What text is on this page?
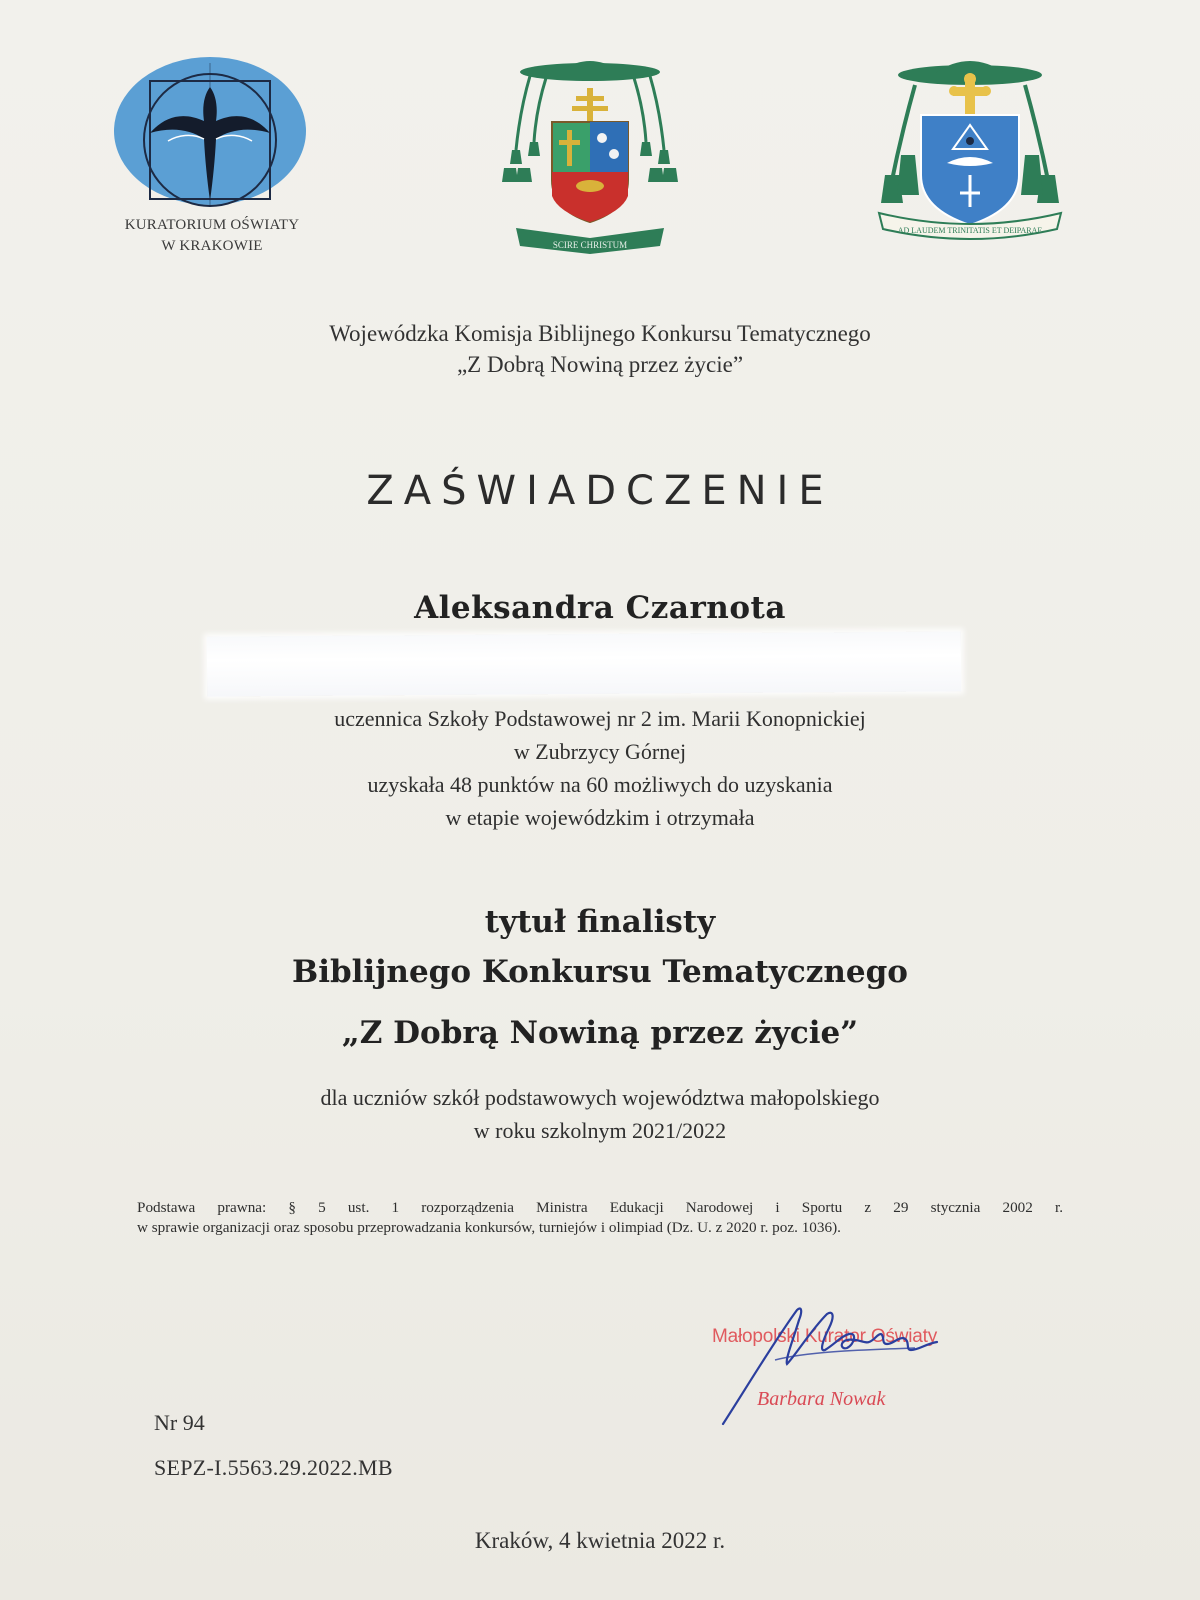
KURATORIUM OŚWIATY
W KRAKOWIE	SCIRE CHRISTUM
AD LAUDEM TRINITATIS ET DEIPARAE
Wojewódzka Komisja Biblijnego Konkursu Tematycznego
„Z Dobrą Nowiną przez życie”
ZAŚWIADCZENIE
Aleksandra Czarnota
uczennica Szkoły Podstawowej nr 2 im. Marii Konopnickiej
w Zubrzycy Górnej
uzyskała 48 punktów na 60 możliwych do uzyskania
w etapie wojewódzkim i otrzymała
tytuł finalisty
Biblijnego Konkursu Tematycznego
„Z Dobrą Nowiną przez życie”
dla uczniów szkół podstawowych województwa małopolskiego
w roku szkolnym 2021/2022
Podstawa prawna: § 5 ust. 1 rozporządzenia Ministra Edukacji Narodowej i Sportu z 29 stycznia 2002 r.
w sprawie organizacji oraz sposobu przeprowadzania konkursów, turniejów i olimpiad (Dz. U. z 2020 r. poz. 1036).
Małopolski Kurator Oświaty
Barbara Nowak
Nr 94
SEPZ-I.5563.29.2022.MB
Kraków, 4 kwietnia 2022 r.
